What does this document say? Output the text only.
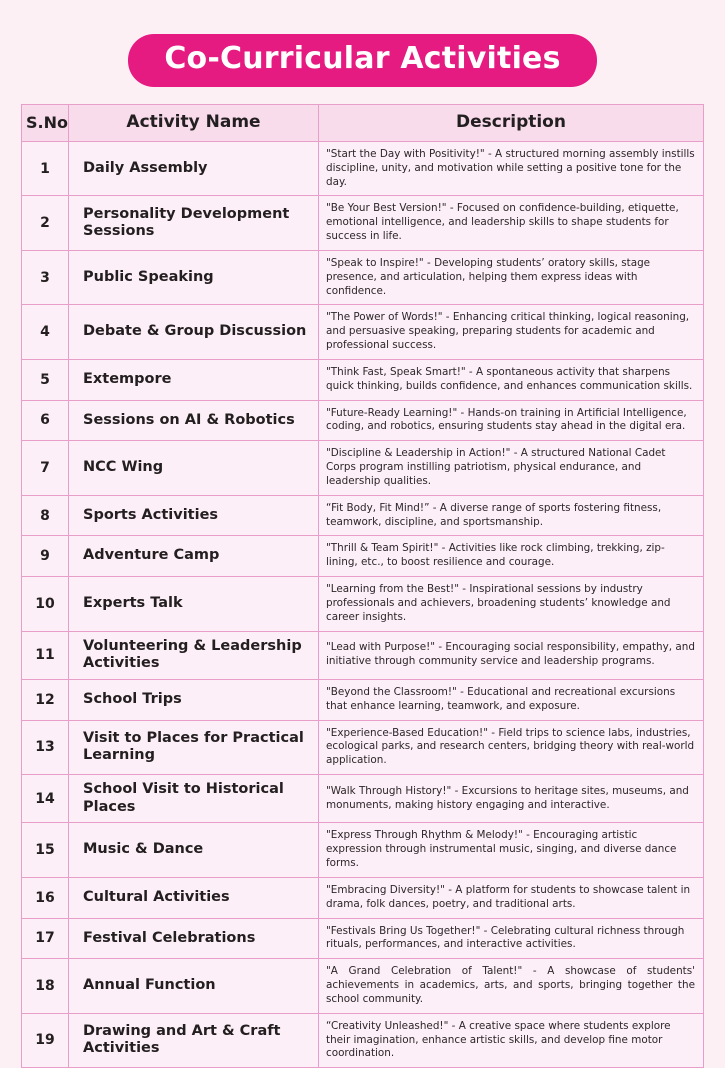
Co-Curricular Activities
S.No	Activity Name	Description
1	Daily Assembly	"Start the Day with Positivity!" - A structured morning assembly instills discipline, unity, and motivation while setting a positive tone for the day.
2	Personality Development Sessions	"Be Your Best Version!" - Focused on confidence-building, etiquette, emotional intelligence, and leadership skills to shape students for success in life.
3	Public Speaking	"Speak to Inspire!" - Developing students’ oratory skills, stage presence, and articulation, helping them express ideas with confidence.
4	Debate & Group Discussion	"The Power of Words!" - Enhancing critical thinking, logical reasoning, and persuasive speaking, preparing students for academic and professional success.
5	Extempore	"Think Fast, Speak Smart!" - A spontaneous activity that sharpens quick thinking, builds confidence, and enhances communication skills.
6	Sessions on AI & Robotics	"Future-Ready Learning!" - Hands-on training in Artificial Intelligence, coding, and robotics, ensuring students stay ahead in the digital era.
7	NCC Wing	"Discipline & Leadership in Action!" - A structured National Cadet Corps program instilling patriotism, physical endurance, and leadership qualities.
8	Sports Activities	“Fit Body, Fit Mind!” - A diverse range of sports fostering fitness, teamwork, discipline, and sportsmanship.
9	Adventure Camp	"Thrill & Team Spirit!" - Activities like rock climbing, trekking, zip-lining, etc., to boost resilience and courage.
10	Experts Talk	"Learning from the Best!" - Inspirational sessions by industry professionals and achievers, broadening students’ knowledge and career insights.
11	Volunteering & Leadership Activities	"Lead with Purpose!" - Encouraging social responsibility, empathy, and initiative through community service and leadership programs.
12	School Trips	"Beyond the Classroom!" - Educational and recreational excursions that enhance learning, teamwork, and exposure.
13	Visit to Places for Practical Learning	"Experience-Based Education!" - Field trips to science labs, industries, ecological parks, and research centers, bridging theory with real-world application.
14	School Visit to Historical Places	"Walk Through History!" - Excursions to heritage sites, museums, and monuments, making history engaging and interactive.
15	Music & Dance	"Express Through Rhythm & Melody!" - Encouraging artistic expression through instrumental music, singing, and diverse dance forms.
16	Cultural Activities	"Embracing Diversity!" - A platform for students to showcase talent in drama, folk dances, poetry, and traditional arts.
17	Festival Celebrations	"Festivals Bring Us Together!" - Celebrating cultural richness through rituals, performances, and interactive activities.
18	Annual Function	"A Grand Celebration of Talent!" - A showcase of students' achievements in academics, arts, and sports, bringing together the school community.
19	Drawing and Art & Craft Activities	“Creativity Unleashed!" - A creative space where students explore their imagination, enhance artistic skills, and develop fine motor coordination.
